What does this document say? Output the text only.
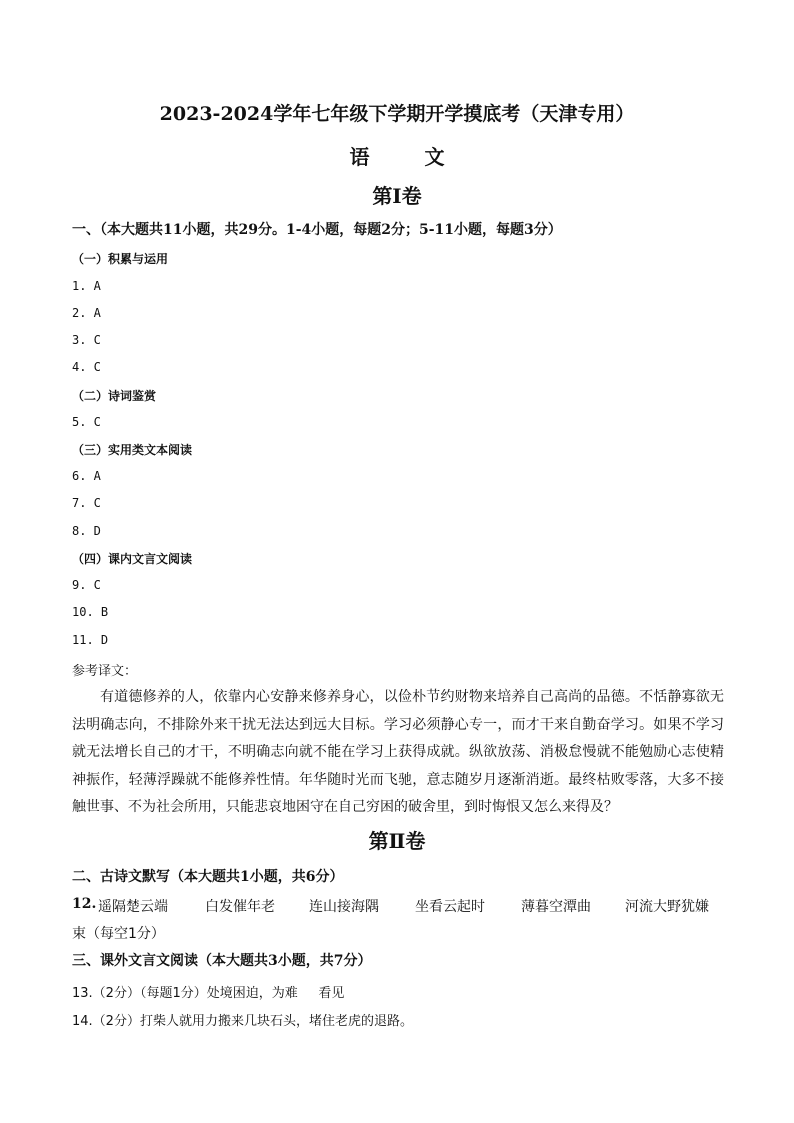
2023-2024学年七年级下学期开学摸底考（天津专用）
语 文
第Ⅰ卷
一、（本大题共11小题，共29分。1-4小题，每题2分；5-11小题，每题3分）
（一）积累与运用
1. A
2. A
3. C
4. C
（二）诗词鉴赏
5. C
（三）实用类文本阅读
6. A
7. C
8. D
（四）课内文言文阅读
9. C
10. B
11. D
参考译文：
有道德修养的人，依靠内心安静来修养身心，以俭朴节约财物来培养自己高尚的品德。不恬静寡欲无法明确志向，不排除外来干扰无法达到远大目标。学习必须静心专一，而才干来自勤奋学习。如果不学习就无法增长自己的才干，不明确志向就不能在学习上获得成就。纵欲放荡、消极怠慢就不能勉励心志使精神振作，轻薄浮躁就不能修养性情。年华随时光而飞驰，意志随岁月逐渐消逝。最终枯败零落，大多不接触世事、不为社会所用，只能悲哀地困守在自己穷困的破舍里，到时悔恨又怎么来得及？
第Ⅱ卷
二、古诗文默写（本大题共1小题，共6分）
12. 遥隔楚云端	白发催年老 连山接海隅	坐看云起时	薄暮空潭曲 河流大野犹嫌
束（每空1分）
三、课外文言文阅读（本大题共3小题，共7分）
13.（2分）（每题1分）处境困迫，为难     看见
14.（2分）打柴人就用力搬来几块石头，堵住老虎的退路。
